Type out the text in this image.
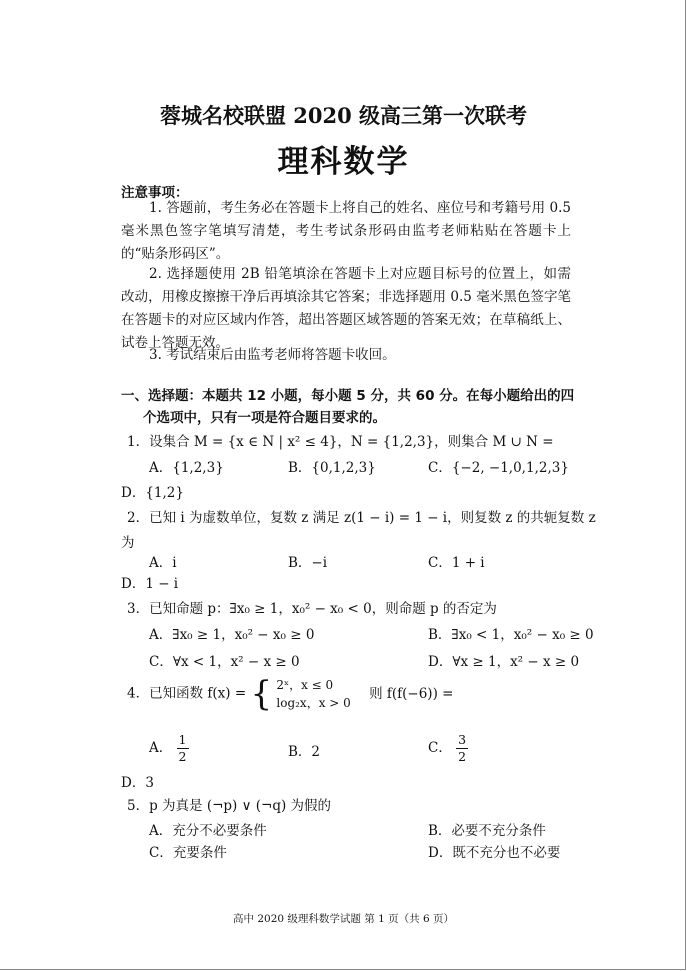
蓉城名校联盟 2020 级高三第一次联考
理科数学
注意事项：
1. 答题前，考生务必在答题卡上将自己的姓名、座位号和考籍号用 0.5 毫米黑色签字笔填写清楚，考生考试条形码由监考老师粘贴在答题卡上的“贴条形码区”。
2. 选择题使用 2B 铅笔填涂在答题卡上对应题目标号的位置上，如需改动，用橡皮擦擦干净后再填涂其它答案；非选择题用 0.5 毫米黑色签字笔在答题卡的对应区域内作答，超出答题区域答题的答案无效；在草稿纸上、试卷上答题无效。
3. 考试结束后由监考老师将答题卡收回。
一、选择题：本题共 12 小题，每小题 5 分，共 60 分。在每小题给出的四
个选项中，只有一项是符合题目要求的。
1．设集合 M = {x ∈ N | x² ≤ 4}，N = {1,2,3}，则集合 M ∪ N =
A．{1,2,3}	B．{0,1,2,3}	C．{−2, −1,0,1,2,3}
D．{1,2}
2．已知 i 为虚数单位，复数 z 满足 z(1 − i) = 1 − i，则复数 z 的共轭复数 z
为
A．i	B．−i	C．1 + i
D．1 − i
3．已知命题 p：∃x₀ ≥ 1，x₀² − x₀ < 0，则命题 p 的否定为
A．∃x₀ ≥ 1，x₀² − x₀ ≥ 0	B．∃x₀ < 1，x₀² − x₀ ≥ 0
C．∀x < 1，x² − x ≥ 0	D．∀x ≥ 1，x² − x ≥ 0
4．已知函数 f(x) = { 2ˣ，x ≤ 0
log₂x，x > 0
则 f(f(−6)) =
A． $\frac{1}{2}$	B．2	C． $\frac{3}{2}$
D．3
5．p 为真是 (¬p) ∨ (¬q) 为假的
A．充分不必要条件	B．必要不充分条件
C．充要条件	D．既不充分也不必要
高中 2020 级理科数学试题 第 1 页（共 6 页）
